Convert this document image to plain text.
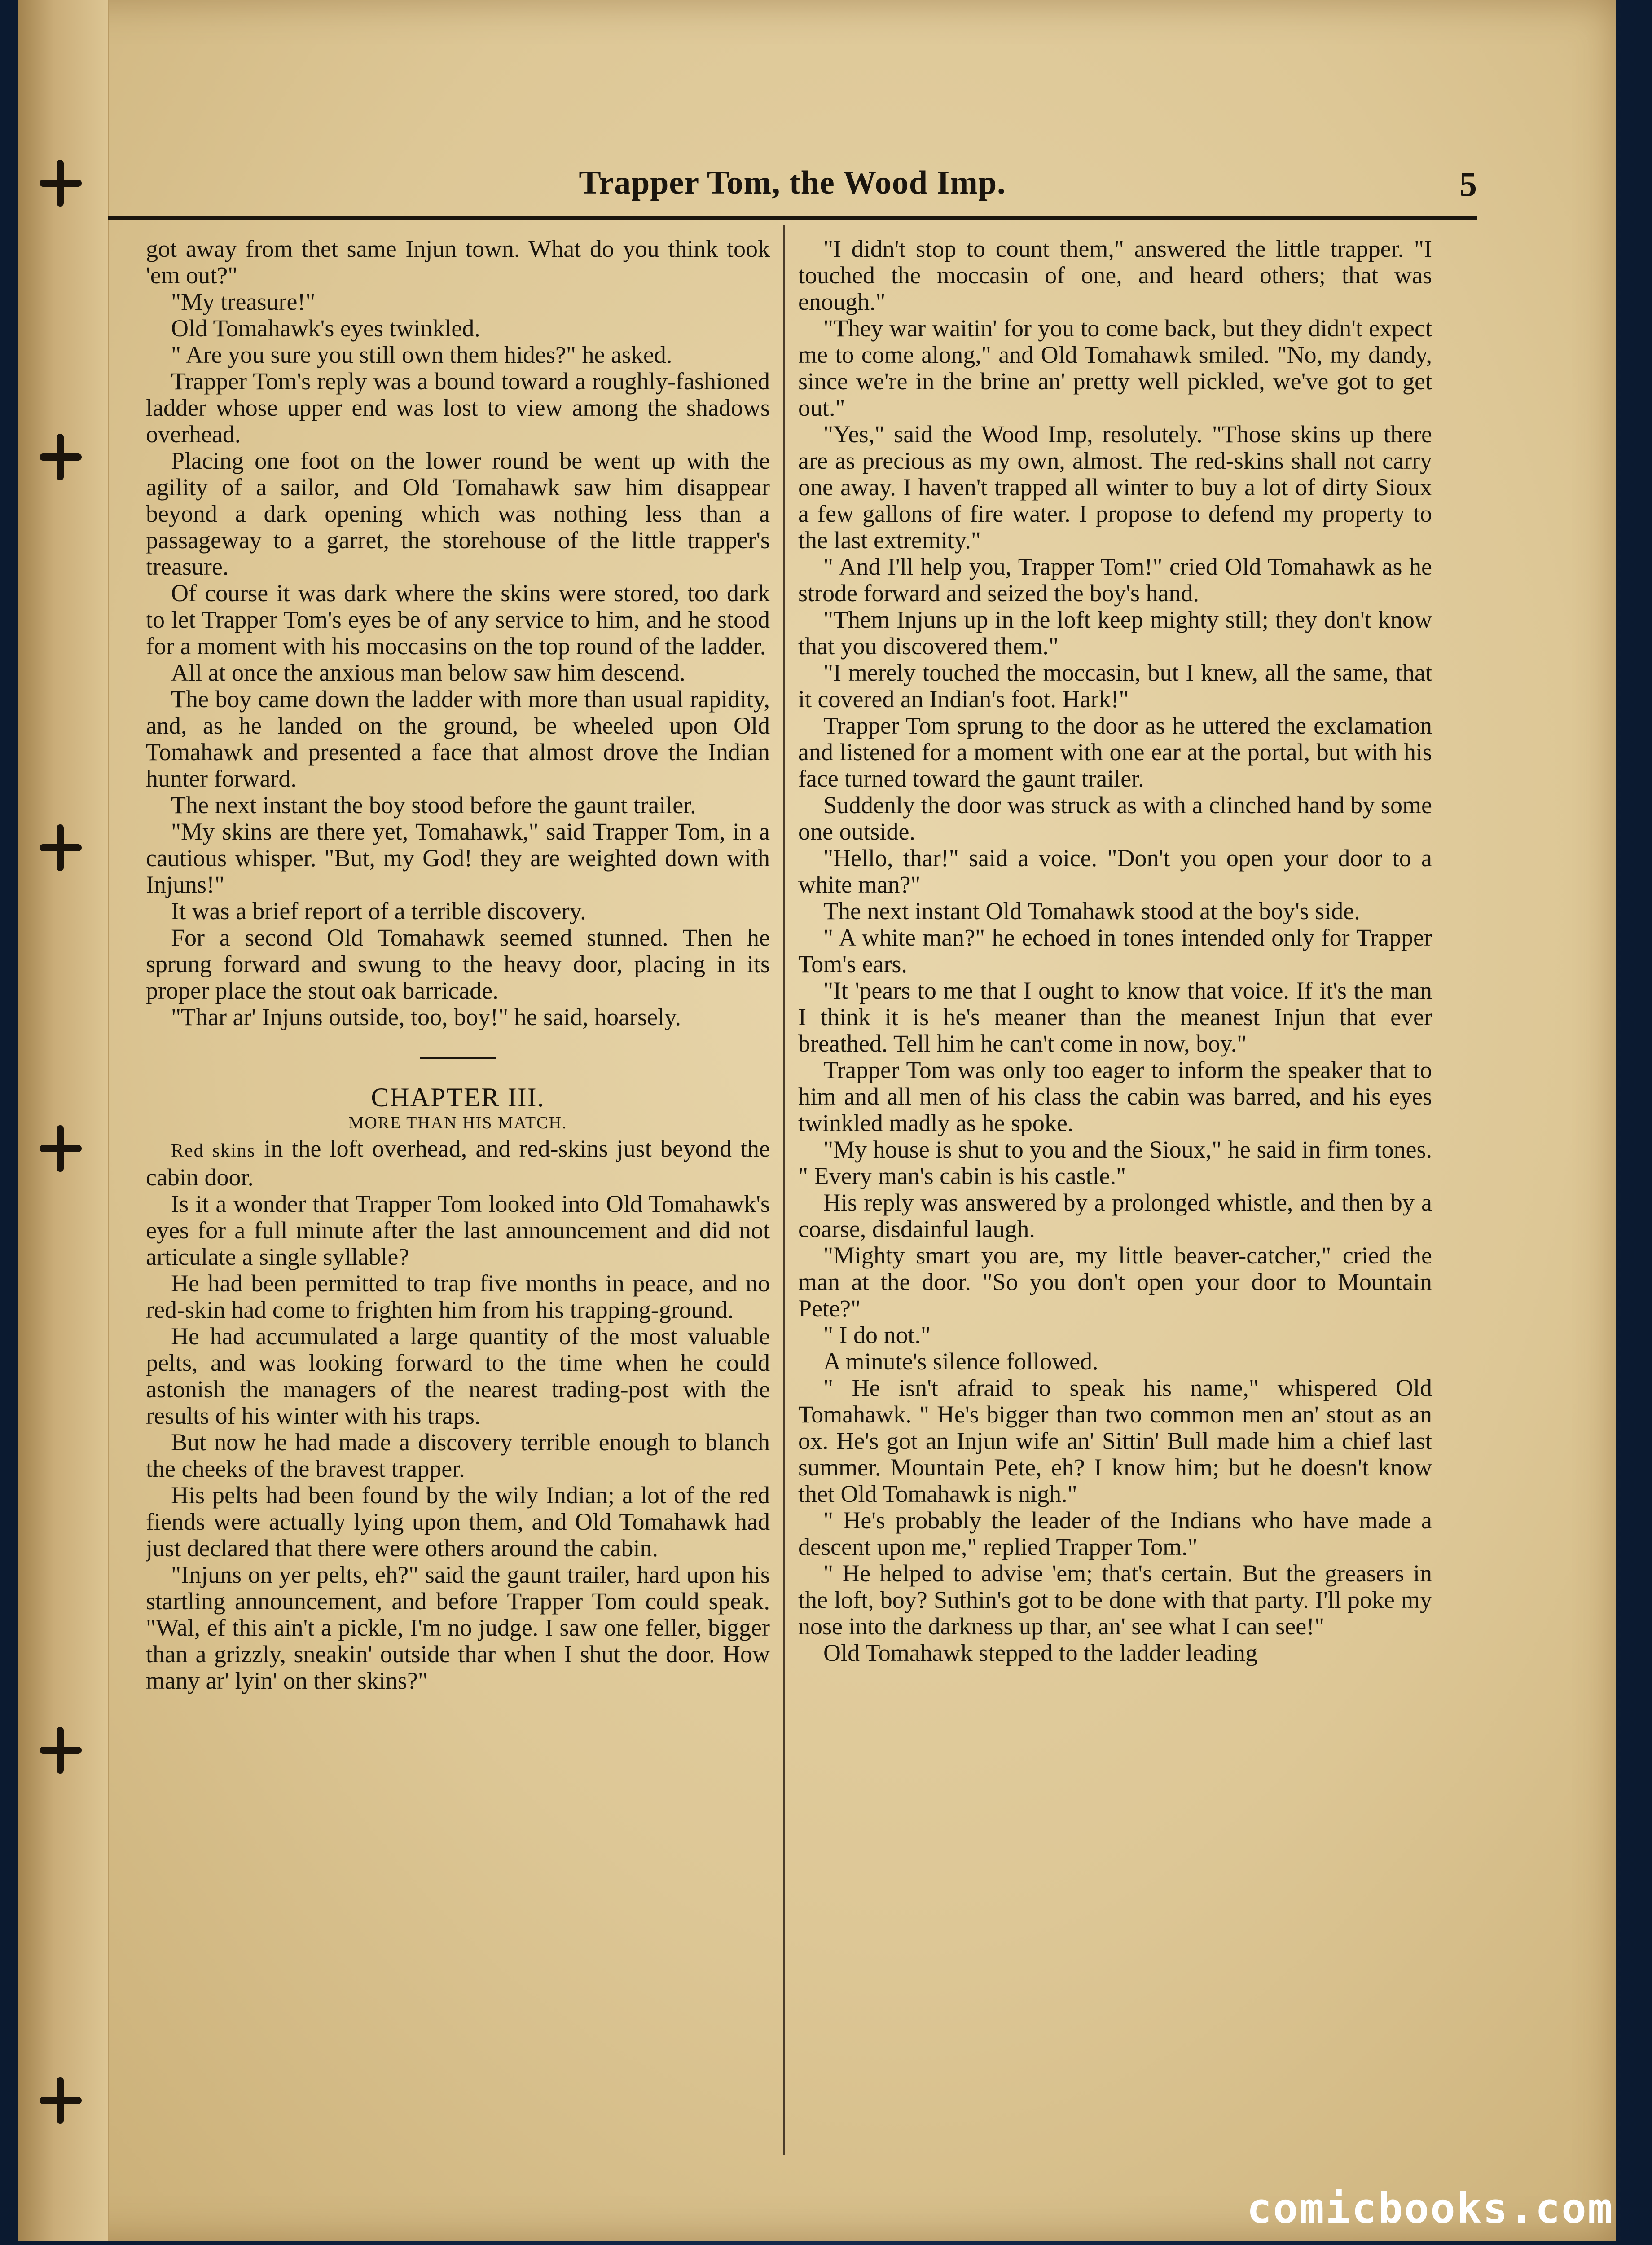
Trapper Tom, the Wood Imp.	5

got away from thet same Injun town. What do you think took 'em out?"

"My treasure!"

Old Tomahawk's eyes twinkled.

" Are you sure you still own them hides?" he asked.

Trapper Tom's reply was a bound toward a roughly-fashioned ladder whose upper end was lost to view among the shadows overhead.

Placing one foot on the lower round be went up with the agility of a sailor, and Old Tomahawk saw him disappear beyond a dark opening which was nothing less than a passageway to a garret, the storehouse of the little trapper's treasure.

Of course it was dark where the skins were stored, too dark to let Trapper Tom's eyes be of any service to him, and he stood for a moment with his moccasins on the top round of the ladder.

All at once the anxious man below saw him descend.

The boy came down the ladder with more than usual rapidity, and, as he landed on the ground, be wheeled upon Old Tomahawk and presented a face that almost drove the Indian hunter forward.

The next instant the boy stood before the gaunt trailer.

"My skins are there yet, Tomahawk," said Trapper Tom, in a cautious whisper. "But, my God! they are weighted down with Injuns!"

It was a brief report of a terrible discovery.

For a second Old Tomahawk seemed stunned. Then he sprung forward and swung to the heavy door, placing in its proper place the stout oak barricade.

"Thar ar' Injuns outside, too, boy!" he said, hoarsely.

CHAPTER III.

MORE THAN HIS MATCH.

Red skins in the loft overhead, and red-skins just beyond the cabin door.

Is it a wonder that Trapper Tom looked into Old Tomahawk's eyes for a full minute after the last announcement and did not articulate a single syllable?

He had been permitted to trap five months in peace, and no red-skin had come to frighten him from his trapping-ground.

He had accumulated a large quantity of the most valuable pelts, and was looking forward to the time when he could astonish the managers of the nearest trading-post with the results of his winter with his traps.

But now he had made a discovery terrible enough to blanch the cheeks of the bravest trapper.

His pelts had been found by the wily Indian; a lot of the red fiends were actually lying upon them, and Old Tomahawk had just declared that there were others around the cabin.

"Injuns on yer pelts, eh?" said the gaunt trailer, hard upon his startling announcement, and before Trapper Tom could speak. "Wal, ef this ain't a pickle, I'm no judge. I saw one feller, bigger than a grizzly, sneakin' outside thar when I shut the door. How many ar' lyin' on ther skins?"

"I didn't stop to count them," answered the little trapper. "I touched the moccasin of one, and heard others; that was enough."

"They war waitin' for you to come back, but they didn't expect me to come along," and Old Tomahawk smiled. "No, my dandy, since we're in the brine an' pretty well pickled, we've got to get out."

"Yes," said the Wood Imp, resolutely. "Those skins up there are as precious as my own, almost. The red-skins shall not carry one away. I haven't trapped all winter to buy a lot of dirty Sioux a few gallons of fire water. I propose to defend my property to the last extremity."

" And I'll help you, Trapper Tom!" cried Old Tomahawk as he strode forward and seized the boy's hand.

"Them Injuns up in the loft keep mighty still; they don't know that you discovered them."

"I merely touched the moccasin, but I knew, all the same, that it covered an Indian's foot. Hark!"

Trapper Tom sprung to the door as he uttered the exclamation and listened for a moment with one ear at the portal, but with his face turned toward the gaunt trailer.

Suddenly the door was struck as with a clinched hand by some one outside.

"Hello, thar!" said a voice. "Don't you open your door to a white man?"

The next instant Old Tomahawk stood at the boy's side.

" A white man?" he echoed in tones intended only for Trapper Tom's ears.

"It 'pears to me that I ought to know that voice. If it's the man I think it is he's meaner than the meanest Injun that ever breathed. Tell him he can't come in now, boy."

Trapper Tom was only too eager to inform the speaker that to him and all men of his class the cabin was barred, and his eyes twinkled madly as he spoke.

"My house is shut to you and the Sioux," he said in firm tones. " Every man's cabin is his castle."

His reply was answered by a prolonged whistle, and then by a coarse, disdainful laugh.

"Mighty smart you are, my little beaver-catcher," cried the man at the door. "So you don't open your door to Mountain Pete?"

" I do not."

A minute's silence followed.

" He isn't afraid to speak his name," whispered Old Tomahawk. " He's bigger than two common men an' stout as an ox. He's got an Injun wife an' Sittin' Bull made him a chief last summer. Mountain Pete, eh? I know him; but he doesn't know thet Old Tomahawk is nigh."

" He's probably the leader of the Indians who have made a descent upon me," replied Trapper Tom."

" He helped to advise 'em; that's certain. But the greasers in the loft, boy? Suthin's got to be done with that party. I'll poke my nose into the darkness up thar, an' see what I can see!"

Old Tomahawk stepped to the ladder leading

comicbooks.com
